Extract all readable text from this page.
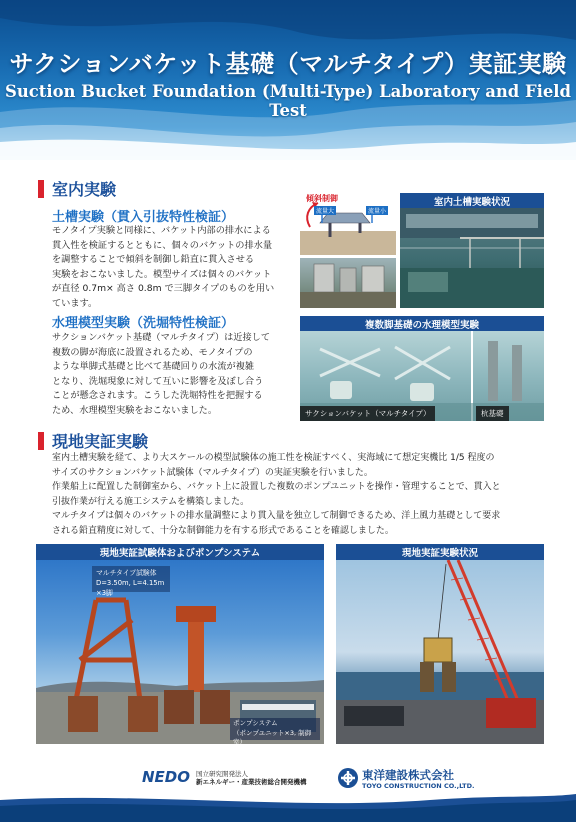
サクションバケット基礎（マルチタイプ）実証実験
Suction Bucket Foundation (Multi-Type) Laboratory and Field Test
室内実験
土槽実験（貫入引抜特性検証）
モノタイプ実験と同様に、バケット内部の排水による
貫入性を検証するとともに、個々のバケットの排水量
を調整することで傾斜を制御し鉛直に貫入させる
実験をおこないました。模型サイズは個々のバケット
が直径 0.7m× 高さ 0.8m で三脚タイプのものを用い
ています。
水理模型実験（洗堀特性検証）
サクションバケット基礎（マルチタイプ）は近接して
複数の脚が海底に設置されるため、モノタイプの
ような単脚式基礎と比べて基礎回りの水流が複雑
となり、洗堀現象に対して互いに影響を及ぼし合う
ことが懸念されます。こうした洗堀特性を把握する
ため、水理模型実験をおこないました。
傾斜制御
流量大	流量小
室内土槽実験状況
複数脚基礎の水理模型実験
サクションバケット（マルチタイプ）	杭基礎
現地実証実験
室内土槽実験を経て、より大スケールの模型試験体の施工性を検証すべく、実海域にて想定実機比 1/5 程度の
サイズのサクションバケット試験体（マルチタイプ）の実証実験を行いました。
作業船上に配置した制御室から、バケット上に設置した複数のポンプユニットを操作・管理することで、貫入と
引抜作業が行える施工システムを構築しました。
マルチタイプは個々のバケットの排水量調整により貫入量を独立して制御できるため、洋上風力基礎として要求
される鉛直精度に対して、十分な制御能力を有する形式であることを確認しました。
現地実証試験体およびポンプシステム
マルチタイプ試験体
D=3.50m, L=4.15m ×3脚
ポンプシステム
（ポンプユニット×3, 制御室）
現地実証実験状況
NEDO 国立研究開発法人
新エネルギー・産業技術総合開発機構	東洋建設株式会社
TOYO CONSTRUCTION CO.,LTD.
